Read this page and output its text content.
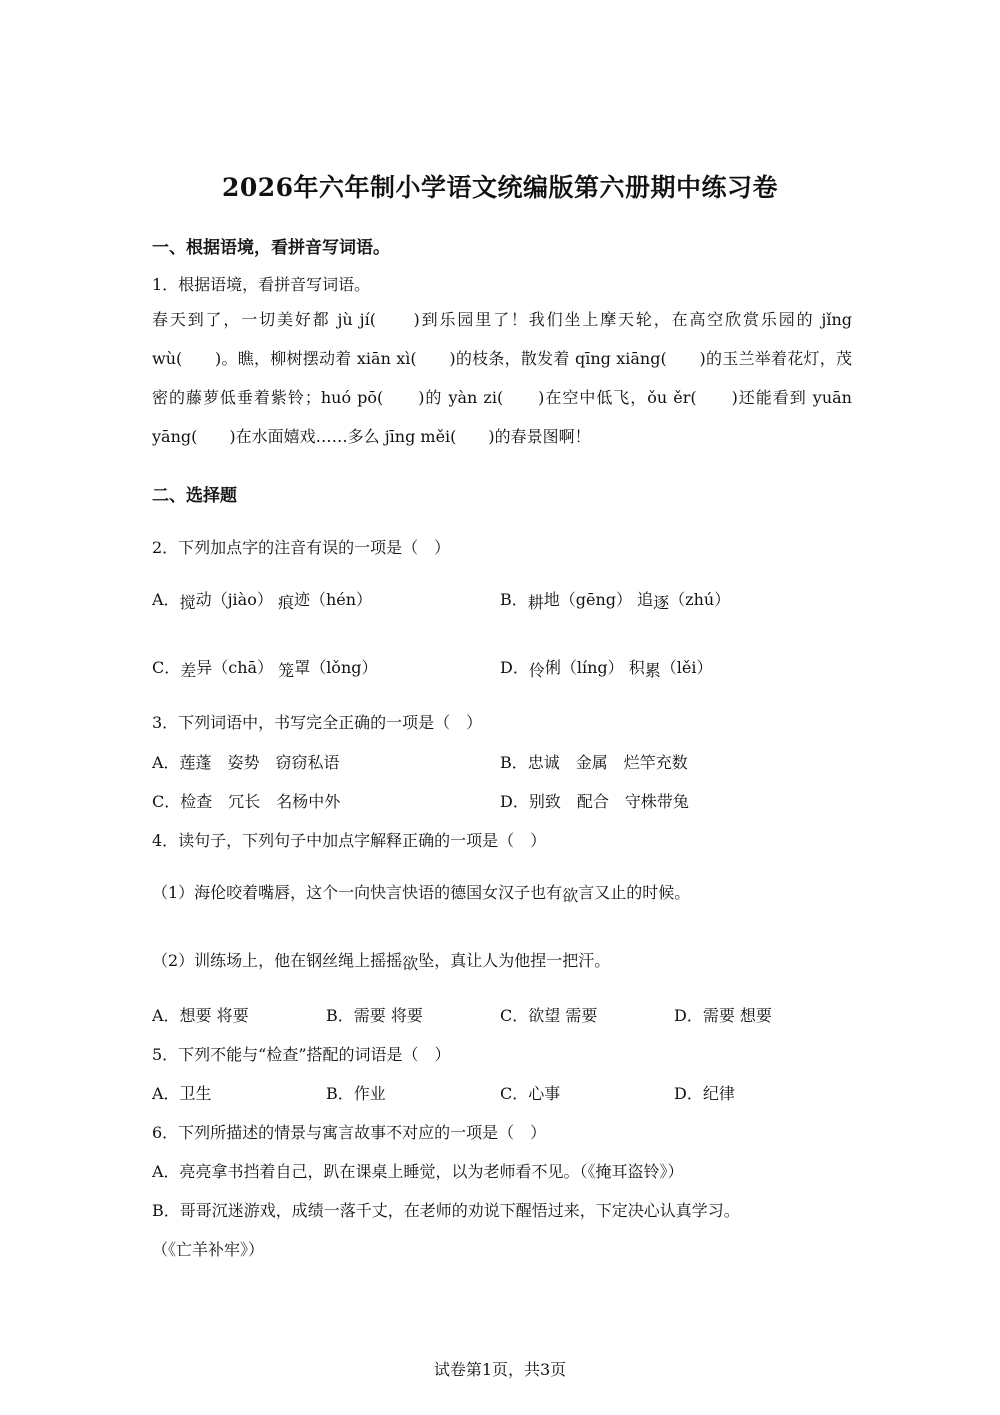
2026年六年制小学语文统编版第六册期中练习卷
一、根据语境，看拼音写词语。
1．根据语境，看拼音写词语。
春天到了，一切美好都 jù jí(　　)到乐园里了！我们坐上摩天轮，在高空欣赏乐园的 jǐng wù(　　)。瞧，柳树摆动着 xiān xì(　　)的枝条，散发着 qīng xiāng(　　)的玉兰举着花灯，茂密的藤萝低垂着紫铃；huó pō(　　)的 yàn zi(　　)在空中低飞，ǒu ěr(　　)还能看到 yuān yāng(　　)在水面嬉戏……多么 jīng měi(　　)的春景图啊！
二、选择题
2．下列加点字的注音有误的一项是（　）
A．搅动（jiào） 痕迹（hén）	B．耕地（gēng） 追逐（zhú）
C．差异（chā） 笼罩（lǒng）	D．伶俐（líng） 积累（lěi）
3．下列词语中，书写完全正确的一项是（　）
A．莲蓬　姿势　窃窃私语	B．忠诚　金属　烂竿充数
C．检查　冗长　名杨中外	D．别致　配合　守株带兔
4．读句子，下列句子中加点字解释正确的一项是（　）
（1）海伦咬着嘴唇，这个一向快言快语的德国女汉子也有欲言又止的时候。
（2）训练场上，他在钢丝绳上摇摇欲坠，真让人为他捏一把汗。
A．想要 将要	B．需要 将要	C．欲望 需要	D．需要 想要
5．下列不能与“检查”搭配的词语是（　）
A．卫生	B．作业	C．心事	D．纪律
6．下列所描述的情景与寓言故事不对应的一项是（　）
A．亮亮拿书挡着自己，趴在课桌上睡觉，以为老师看不见。（《掩耳盗铃》）
B．哥哥沉迷游戏，成绩一落千丈，在老师的劝说下醒悟过来，下定决心认真学习。
（《亡羊补牢》）
试卷第1页，共3页
